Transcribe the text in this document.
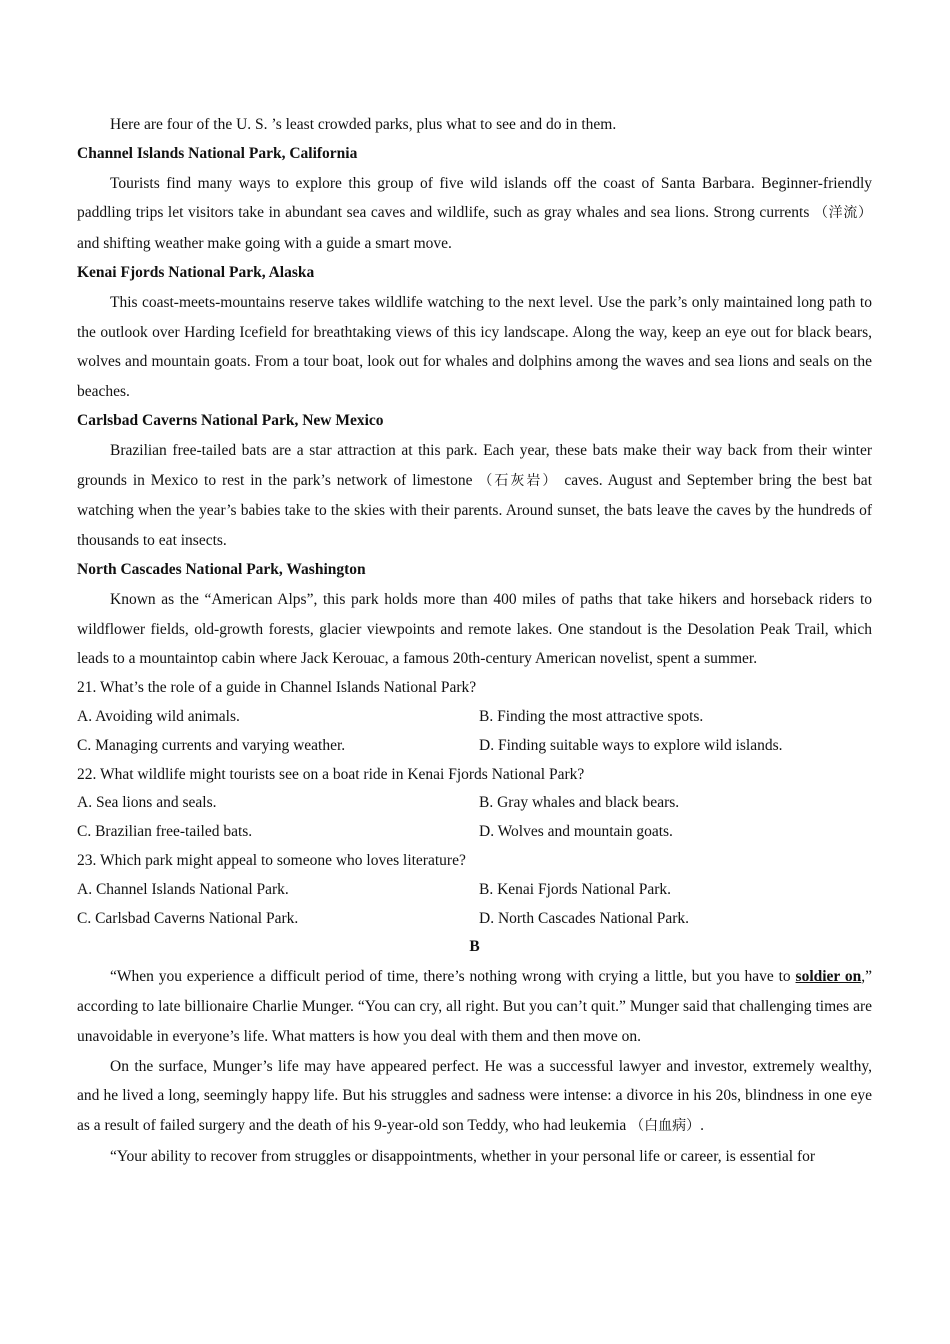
Here are four of the U. S. ’s least crowded parks, plus what to see and do in them.

Channel Islands National Park, California

Tourists find many ways to explore this group of five wild islands off the coast of Santa Barbara. Beginner-friendly paddling trips let visitors take in abundant sea caves and wildlife, such as gray whales and sea lions. Strong currents （洋流） and shifting weather make going with a guide a smart move.

Kenai Fjords National Park, Alaska

This coast-meets-mountains reserve takes wildlife watching to the next level. Use the park’s only maintained long path to the outlook over Harding Icefield for breathtaking views of this icy landscape. Along the way, keep an eye out for black bears, wolves and mountain goats. From a tour boat, look out for whales and dolphins among the waves and sea lions and seals on the beaches.

Carlsbad Caverns National Park, New Mexico

Brazilian free-tailed bats are a star attraction at this park. Each year, these bats make their way back from their winter grounds in Mexico to rest in the park’s network of limestone （石灰岩） caves. August and September bring the best bat watching when the year’s babies take to the skies with their parents. Around sunset, the bats leave the caves by the hundreds of thousands to eat insects.

North Cascades National Park, Washington

Known as the “American Alps”, this park holds more than 400 miles of paths that take hikers and horseback riders to wildflower fields, old-growth forests, glacier viewpoints and remote lakes. One standout is the Desolation Peak Trail, which leads to a mountaintop cabin where Jack Kerouac, a famous 20th-century American novelist, spent a summer.

21. What’s the role of a guide in Channel Islands National Park?

A. Avoiding wild animals.	B. Finding the most attractive spots.
C. Managing currents and varying weather.	D. Finding suitable ways to explore wild islands.

22. What wildlife might tourists see on a boat ride in Kenai Fjords National Park?

A. Sea lions and seals.	B. Gray whales and black bears.
C. Brazilian free-tailed bats.	D. Wolves and mountain goats.

23. Which park might appeal to someone who loves literature?

A. Channel Islands National Park.	B. Kenai Fjords National Park.
C. Carlsbad Caverns National Park.	D. North Cascades National Park.

B

“When you experience a difficult period of time, there’s nothing wrong with crying a little, but you have to soldier on,” according to late billionaire Charlie Munger. “You can cry, all right. But you can’t quit.” Munger said that challenging times are unavoidable in everyone’s life. What matters is how you deal with them and then move on.

On the surface, Munger’s life may have appeared perfect. He was a successful lawyer and investor, extremely wealthy, and he lived a long, seemingly happy life. But his struggles and sadness were intense: a divorce in his 20s, blindness in one eye as a result of failed surgery and the death of his 9-year-old son Teddy, who had leukemia （白血病）.

“Your ability to recover from struggles or disappointments, whether in your personal life or career, is essential for
